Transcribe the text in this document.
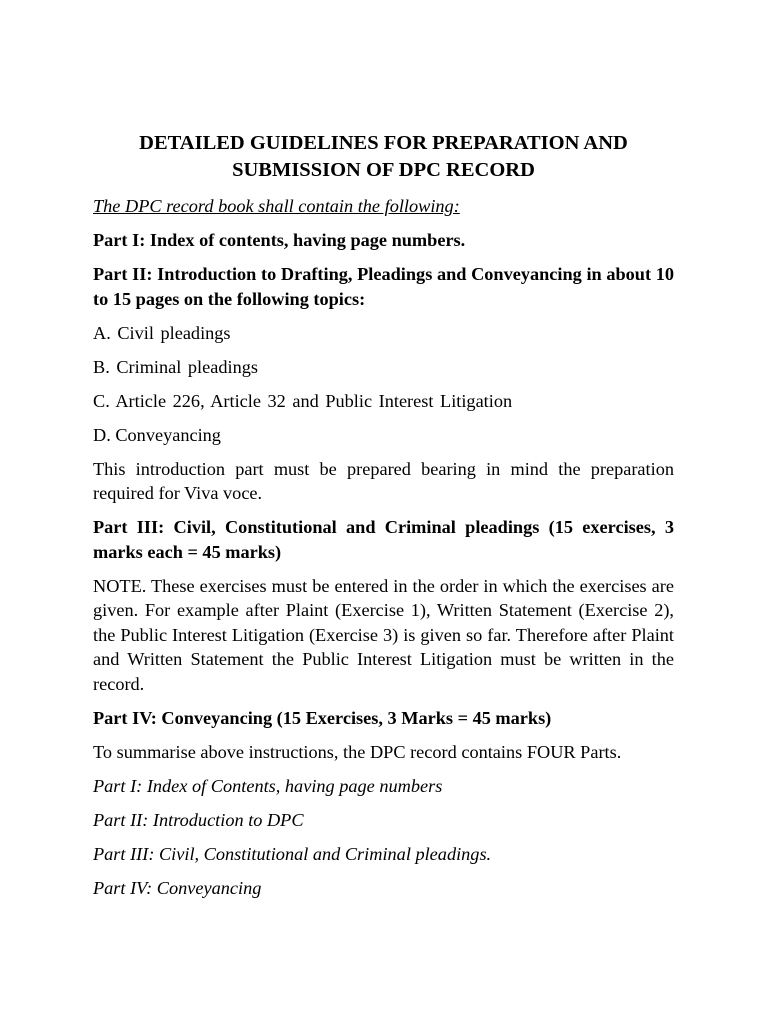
DETAILED GUIDELINES FOR PREPARATION AND
SUBMISSION OF DPC RECORD

The DPC record book shall contain the following:

Part I: Index of contents, having page numbers.

Part II: Introduction to Drafting, Pleadings and Conveyancing in about 10 to 15 pages on the following topics:

A. Civil pleadings

B. Criminal pleadings

C. Article 226, Article 32 and Public Interest Litigation

D. Conveyancing

This introduction part must be prepared bearing in mind the preparation required for Viva voce.

Part III: Civil, Constitutional and Criminal pleadings (15 exercises, 3 marks each = 45 marks)

NOTE. These exercises must be entered in the order in which the exercises are given. For example after Plaint (Exercise 1), Written Statement (Exercise 2), the Public Interest Litigation (Exercise 3) is given so far. Therefore after Plaint and Written Statement the Public Interest Litigation must be written in the record.

Part IV: Conveyancing (15 Exercises, 3 Marks = 45 marks)

To summarise above instructions, the DPC record contains FOUR Parts.

Part I: Index of Contents, having page numbers

Part II: Introduction to DPC

Part III: Civil, Constitutional and Criminal pleadings.

Part IV: Conveyancing
